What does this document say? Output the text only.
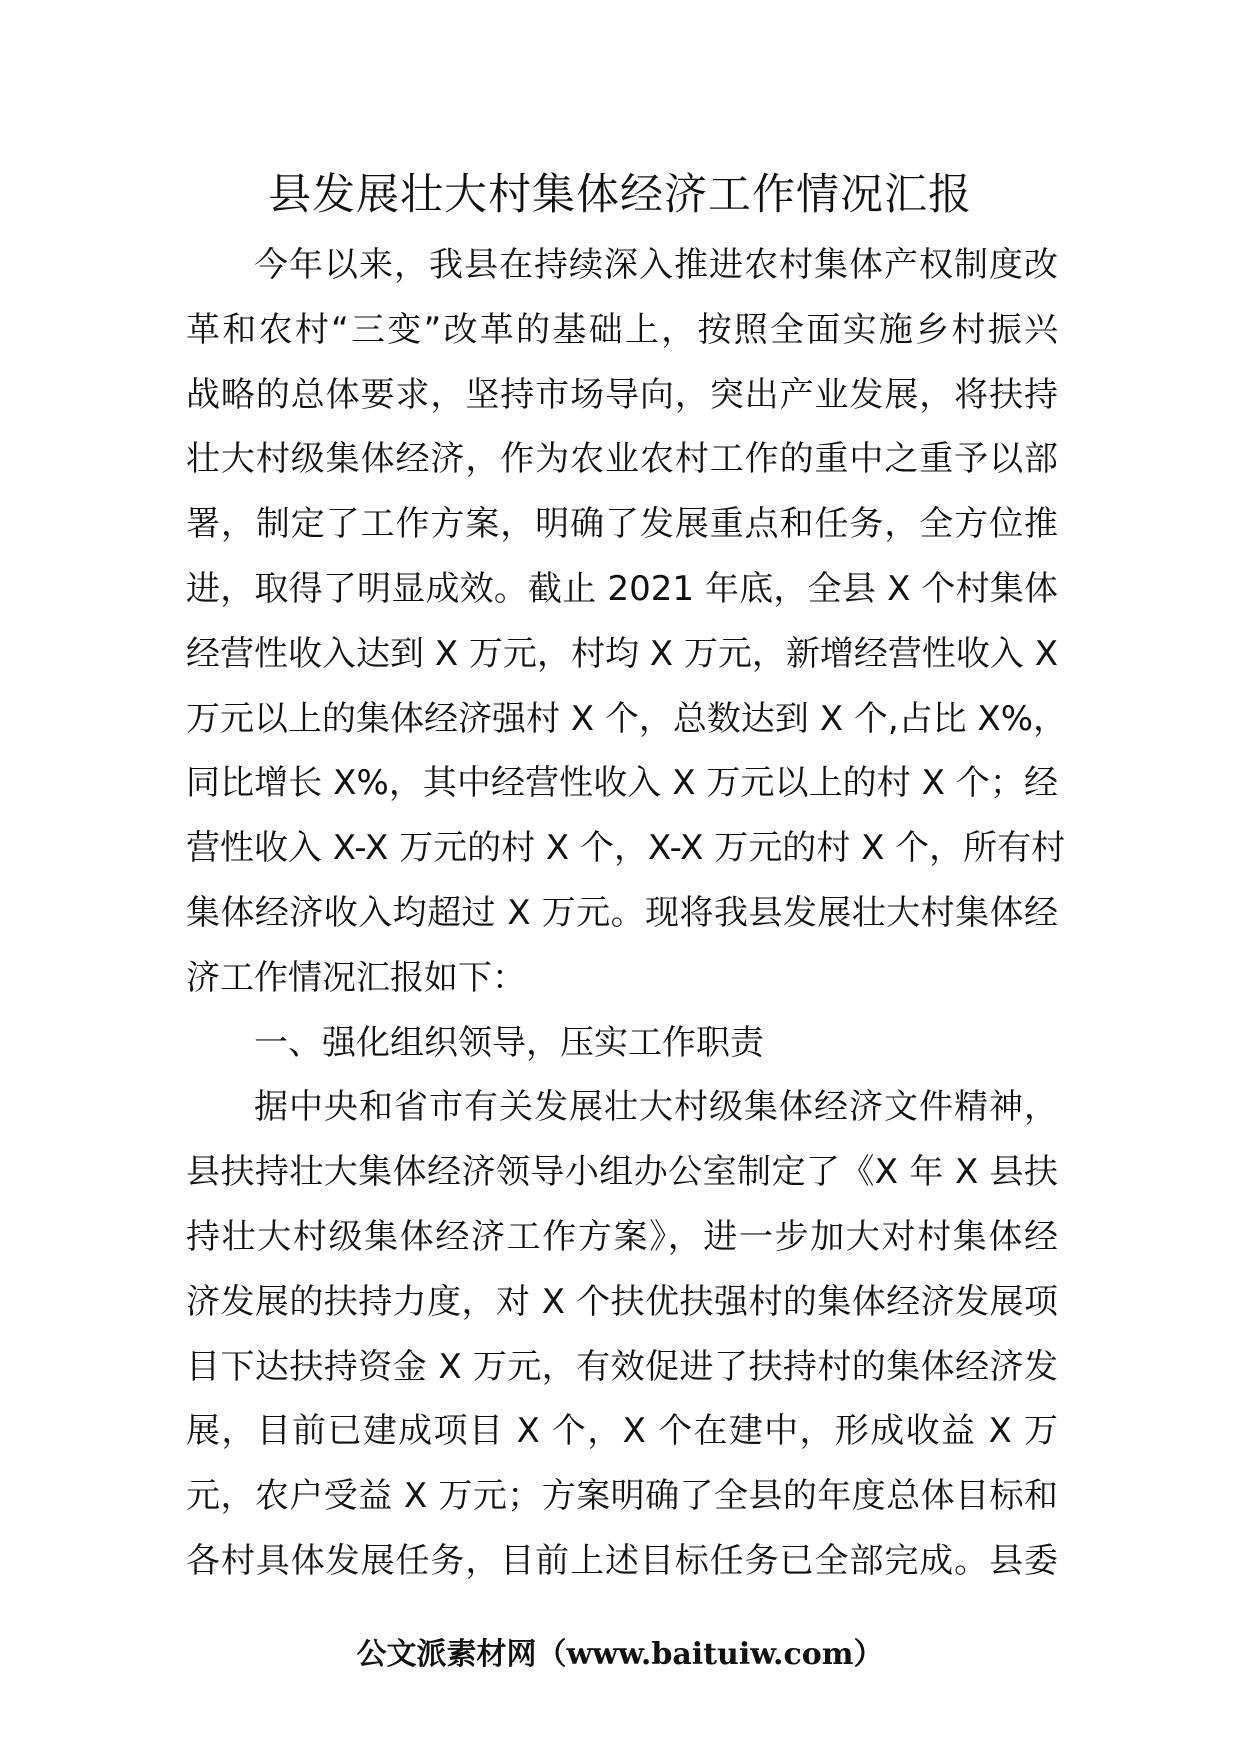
县发展壮大村集体经济工作情况汇报
今年以来，我县在持续深入推进农村集体产权制度改
革和农村“三变”改革的基础上，按照全面实施乡村振兴
战略的总体要求，坚持市场导向，突出产业发展，将扶持
壮大村级集体经济，作为农业农村工作的重中之重予以部
署，制定了工作方案，明确了发展重点和任务，全方位推
进，取得了明显成效。截止 2021 年底，全县 X 个村集体
经营性收入达到 X 万元，村均 X 万元，新增经营性收入 X
万元以上的集体经济强村 X 个，总数达到 X 个,占比 X%，
同比增长 X%，其中经营性收入 X 万元以上的村 X 个；经
营性收入 X-X 万元的村 X 个，X-X 万元的村 X 个，所有村
集体经济收入均超过 X 万元。现将我县发展壮大村集体经
济工作情况汇报如下：
一、强化组织领导，压实工作职责
据中央和省市有关发展壮大村级集体经济文件精神，
县扶持壮大集体经济领导小组办公室制定了《X 年 X 县扶
持壮大村级集体经济工作方案》，进一步加大对村集体经
济发展的扶持力度，对 X 个扶优扶强村的集体经济发展项
目下达扶持资金 X 万元，有效促进了扶持村的集体经济发
展，目前已建成项目 X 个，X 个在建中，形成收益 X 万
元，农户受益 X 万元；方案明确了全县的年度总体目标和
各村具体发展任务，目前上述目标任务已全部完成。县委
公文派素材网（www.baituiw.com）
